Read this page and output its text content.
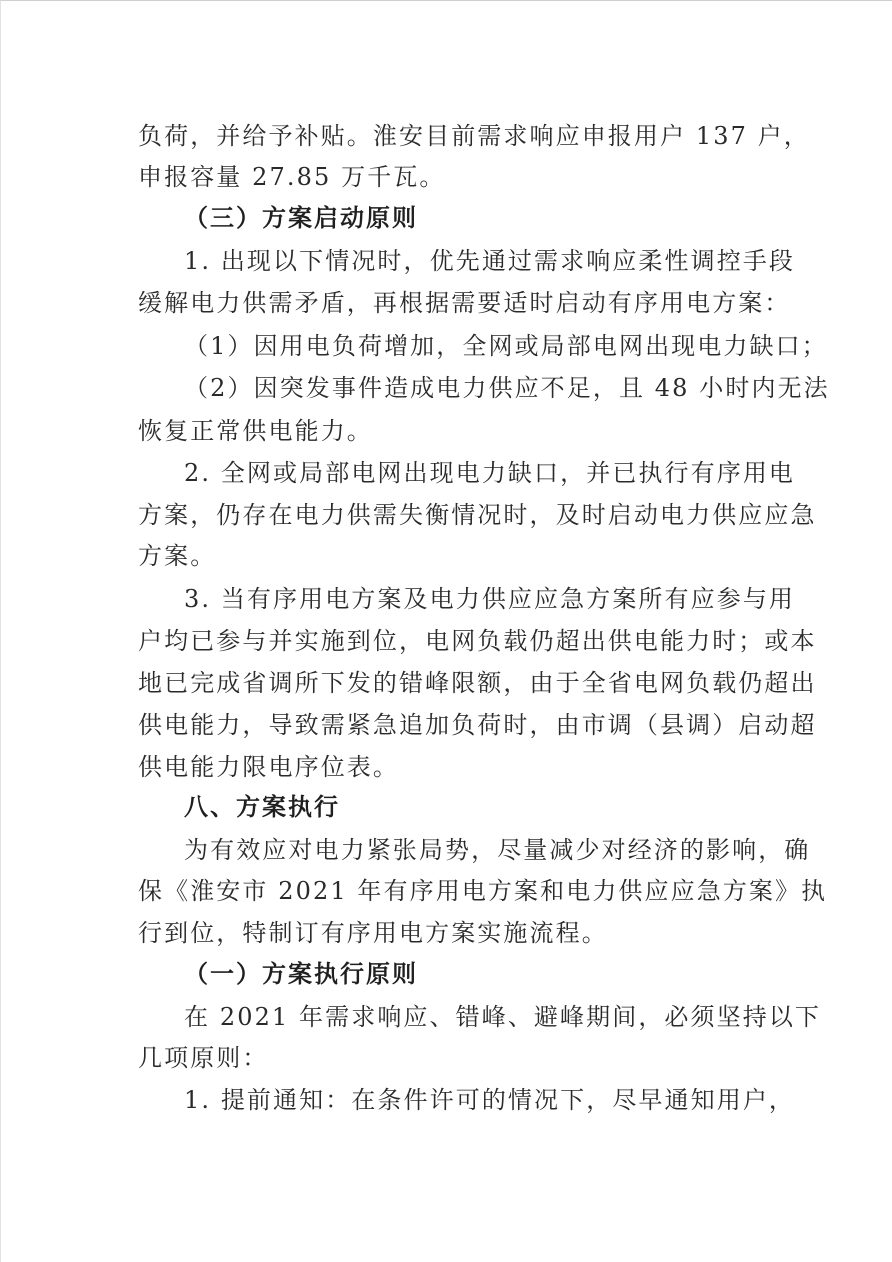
负荷，并给予补贴。淮安目前需求响应申报用户 137 户，
申报容量 27.85 万千瓦。
（三）方案启动原则
1. 出现以下情况时，优先通过需求响应柔性调控手段
缓解电力供需矛盾，再根据需要适时启动有序用电方案：
（1）因用电负荷增加，全网或局部电网出现电力缺口；
（2）因突发事件造成电力供应不足，且 48 小时内无法
恢复正常供电能力。
2. 全网或局部电网出现电力缺口，并已执行有序用电
方案，仍存在电力供需失衡情况时，及时启动电力供应应急
方案。
3. 当有序用电方案及电力供应应急方案所有应参与用
户均已参与并实施到位，电网负载仍超出供电能力时；或本
地已完成省调所下发的错峰限额，由于全省电网负载仍超出
供电能力，导致需紧急追加负荷时，由市调（县调）启动超
供电能力限电序位表。
八、方案执行
为有效应对电力紧张局势，尽量减少对经济的影响，确
保《淮安市 2021 年有序用电方案和电力供应应急方案》执
行到位，特制订有序用电方案实施流程。
（一）方案执行原则
在 2021 年需求响应、错峰、避峰期间，必须坚持以下
几项原则：
1. 提前通知：在条件许可的情况下，尽早通知用户，
